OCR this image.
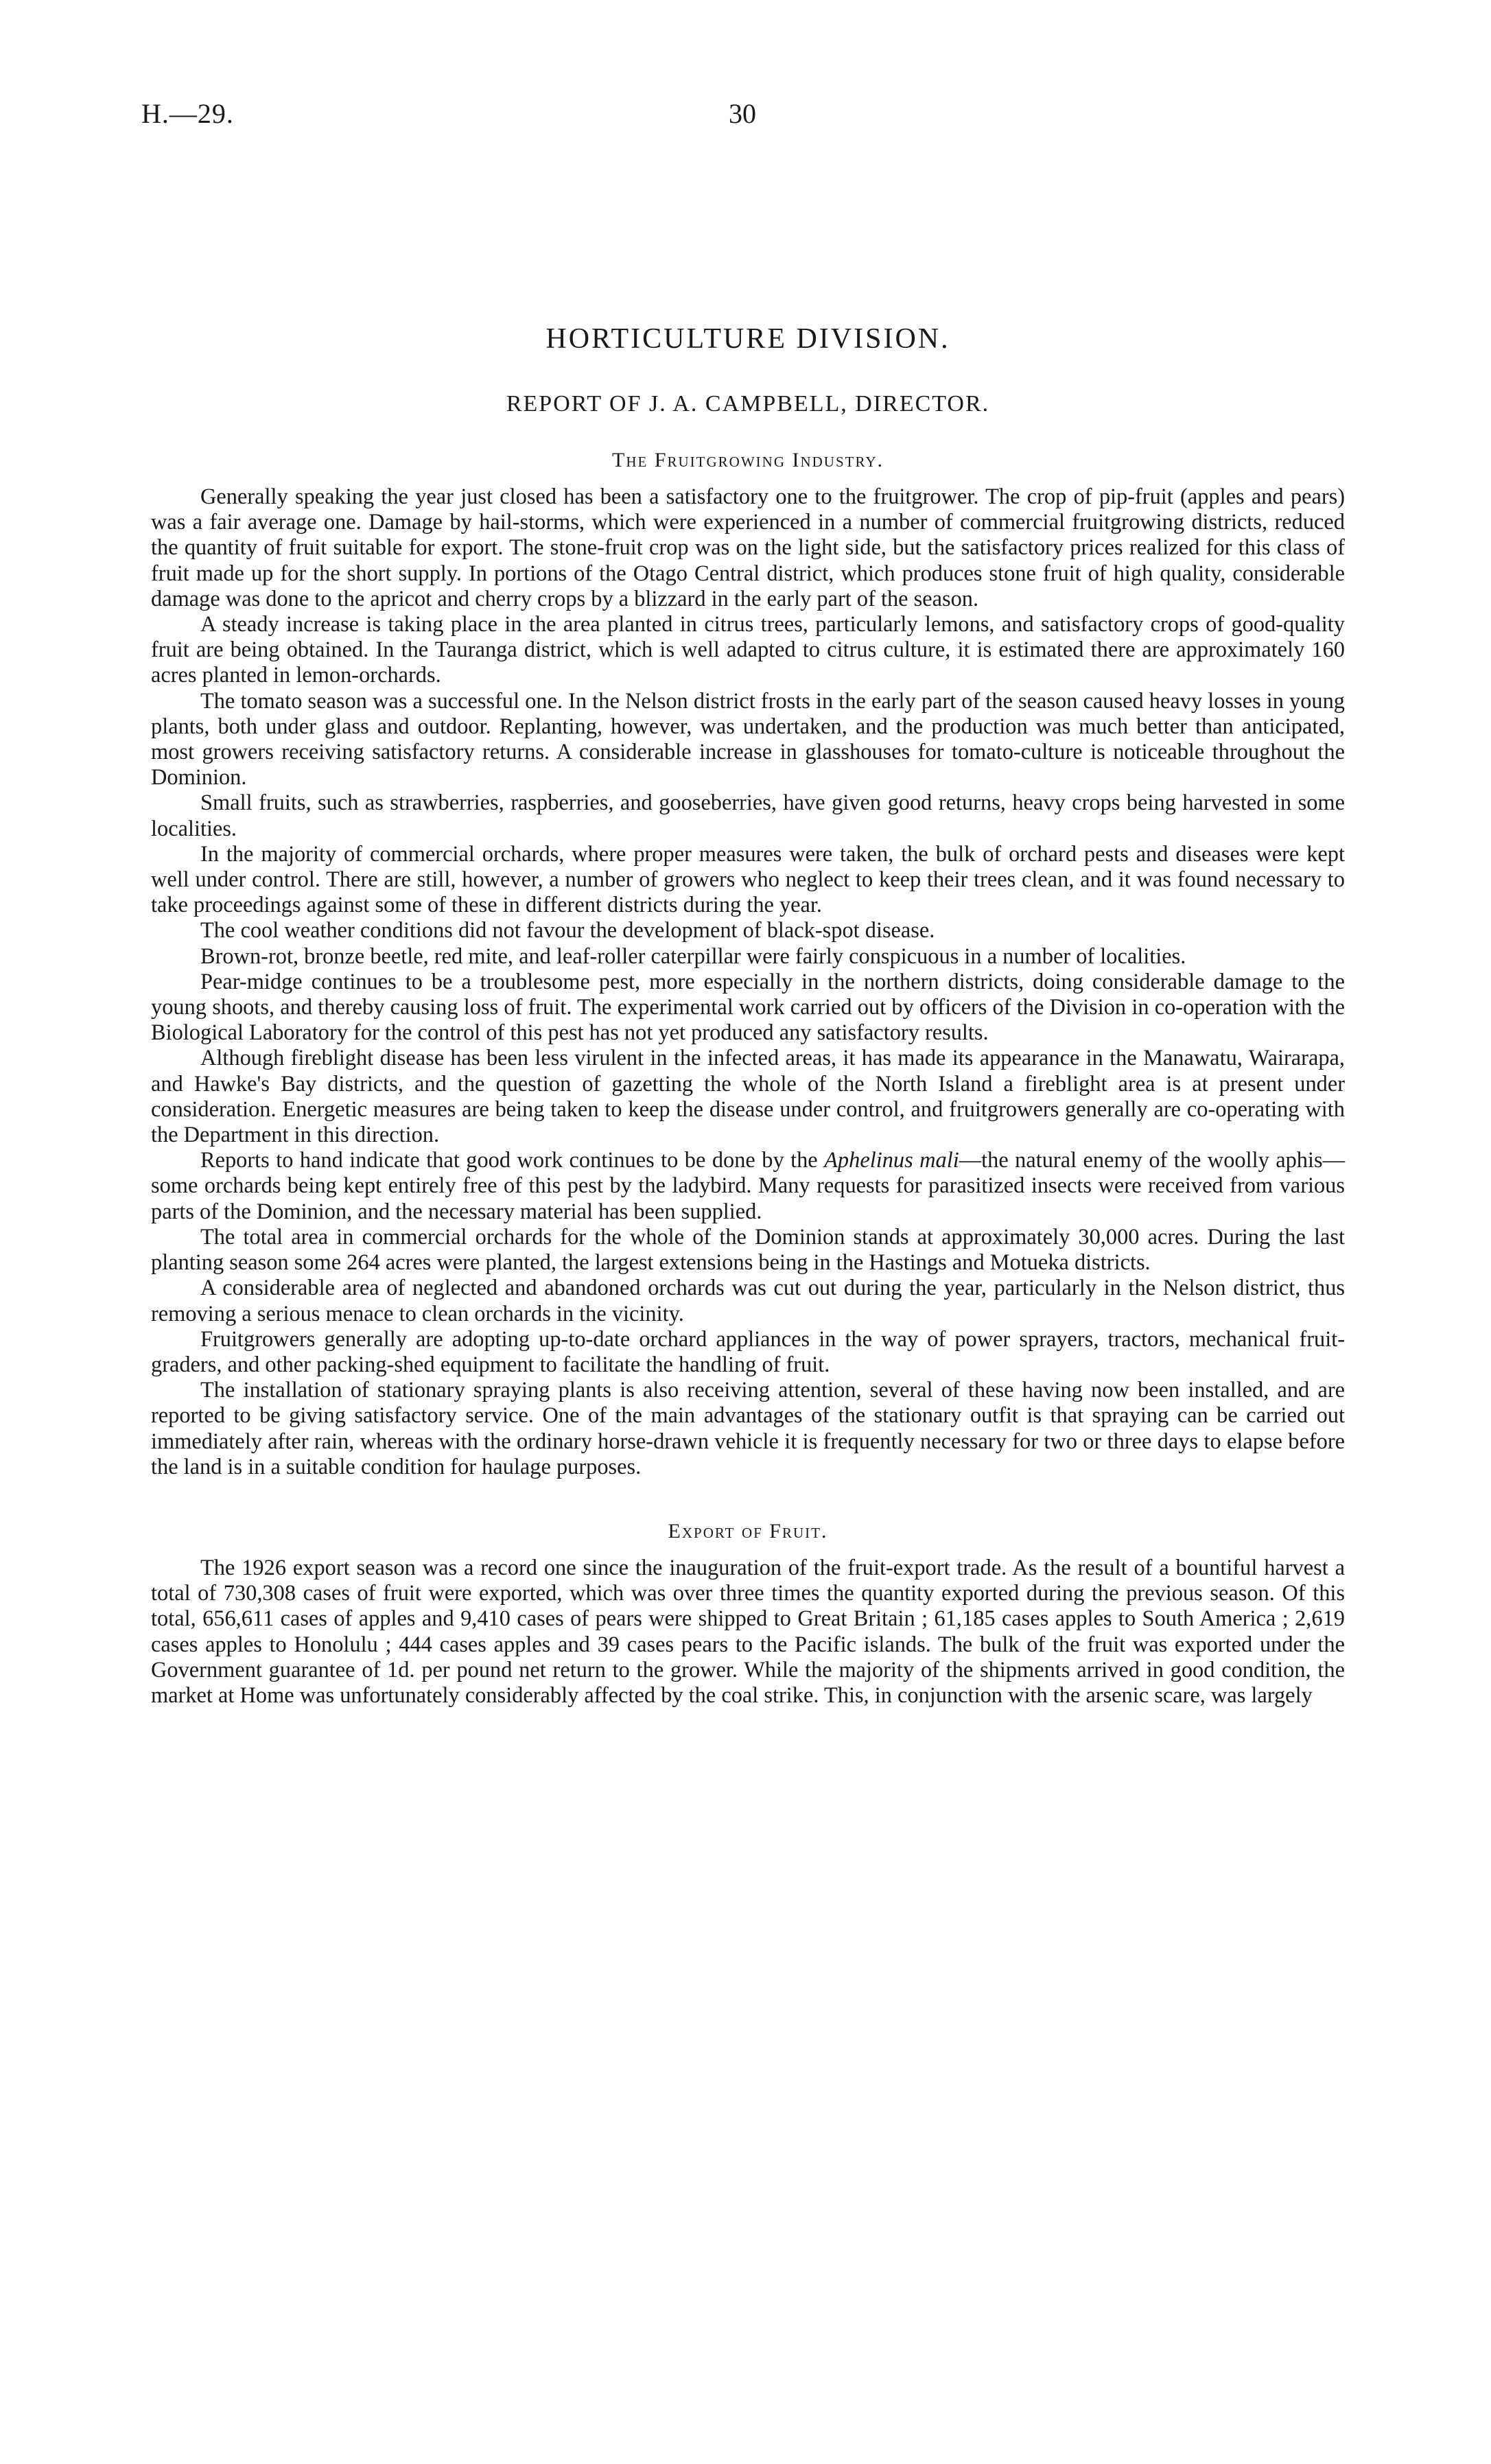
H.—29.	30
HORTICULTURE DIVISION.
REPORT OF J. A. CAMPBELL, DIRECTOR.
The Fruitgrowing Industry.

Generally speaking the year just closed has been a satisfactory one to the fruitgrower. The crop of pip-fruit (apples and pears) was a fair average one. Damage by hail-storms, which were experienced in a number of commercial fruitgrowing districts, reduced the quantity of fruit suitable for export. The stone-fruit crop was on the light side, but the satisfactory prices realized for this class of fruit made up for the short supply. In portions of the Otago Central district, which produces stone fruit of high quality, considerable damage was done to the apricot and cherry crops by a blizzard in the early part of the season.

A steady increase is taking place in the area planted in citrus trees, particularly lemons, and satisfactory crops of good-quality fruit are being obtained. In the Tauranga district, which is well adapted to citrus culture, it is estimated there are approximately 160 acres planted in lemon-orchards.

The tomato season was a successful one. In the Nelson district frosts in the early part of the season caused heavy losses in young plants, both under glass and outdoor. Replanting, however, was undertaken, and the production was much better than anticipated, most growers receiving satisfactory returns. A considerable increase in glasshouses for tomato-culture is noticeable throughout the Dominion.

Small fruits, such as strawberries, raspberries, and gooseberries, have given good returns, heavy crops being harvested in some localities.

In the majority of commercial orchards, where proper measures were taken, the bulk of orchard pests and diseases were kept well under control. There are still, however, a number of growers who neglect to keep their trees clean, and it was found necessary to take proceedings against some of these in different districts during the year.

The cool weather conditions did not favour the development of black-spot disease.

Brown-rot, bronze beetle, red mite, and leaf-roller caterpillar were fairly conspicuous in a number of localities.

Pear-midge continues to be a troublesome pest, more especially in the northern districts, doing considerable damage to the young shoots, and thereby causing loss of fruit. The experimental work carried out by officers of the Division in co-operation with the Biological Laboratory for the control of this pest has not yet produced any satisfactory results.

Although fireblight disease has been less virulent in the infected areas, it has made its appearance in the Manawatu, Wairarapa, and Hawke's Bay districts, and the question of gazetting the whole of the North Island a fireblight area is at present under consideration. Energetic measures are being taken to keep the disease under control, and fruitgrowers generally are co-operating with the Department in this direction.

Reports to hand indicate that good work continues to be done by the Aphelinus mali—the natural enemy of the woolly aphis—some orchards being kept entirely free of this pest by the ladybird. Many requests for parasitized insects were received from various parts of the Dominion, and the necessary material has been supplied.

The total area in commercial orchards for the whole of the Dominion stands at approximately 30,000 acres. During the last planting season some 264 acres were planted, the largest extensions being in the Hastings and Motueka districts.

A considerable area of neglected and abandoned orchards was cut out during the year, particularly in the Nelson district, thus removing a serious menace to clean orchards in the vicinity.

Fruitgrowers generally are adopting up-to-date orchard appliances in the way of power sprayers, tractors, mechanical fruit-graders, and other packing-shed equipment to facilitate the handling of fruit.

The installation of stationary spraying plants is also receiving attention, several of these having now been installed, and are reported to be giving satisfactory service. One of the main advantages of the stationary outfit is that spraying can be carried out immediately after rain, whereas with the ordinary horse-drawn vehicle it is frequently necessary for two or three days to elapse before the land is in a suitable condition for haulage purposes.

Export of Fruit.

The 1926 export season was a record one since the inauguration of the fruit-export trade. As the result of a bountiful harvest a total of 730,308 cases of fruit were exported, which was over three times the quantity exported during the previous season. Of this total, 656,611 cases of apples and 9,410 cases of pears were shipped to Great Britain ; 61,185 cases apples to South America ; 2,619 cases apples to Honolulu ; 444 cases apples and 39 cases pears to the Pacific islands. The bulk of the fruit was exported under the Government guarantee of 1d. per pound net return to the grower. While the majority of the shipments arrived in good condition, the market at Home was unfortunately considerably affected by the coal strike. This, in conjunction with the arsenic scare, was largely
